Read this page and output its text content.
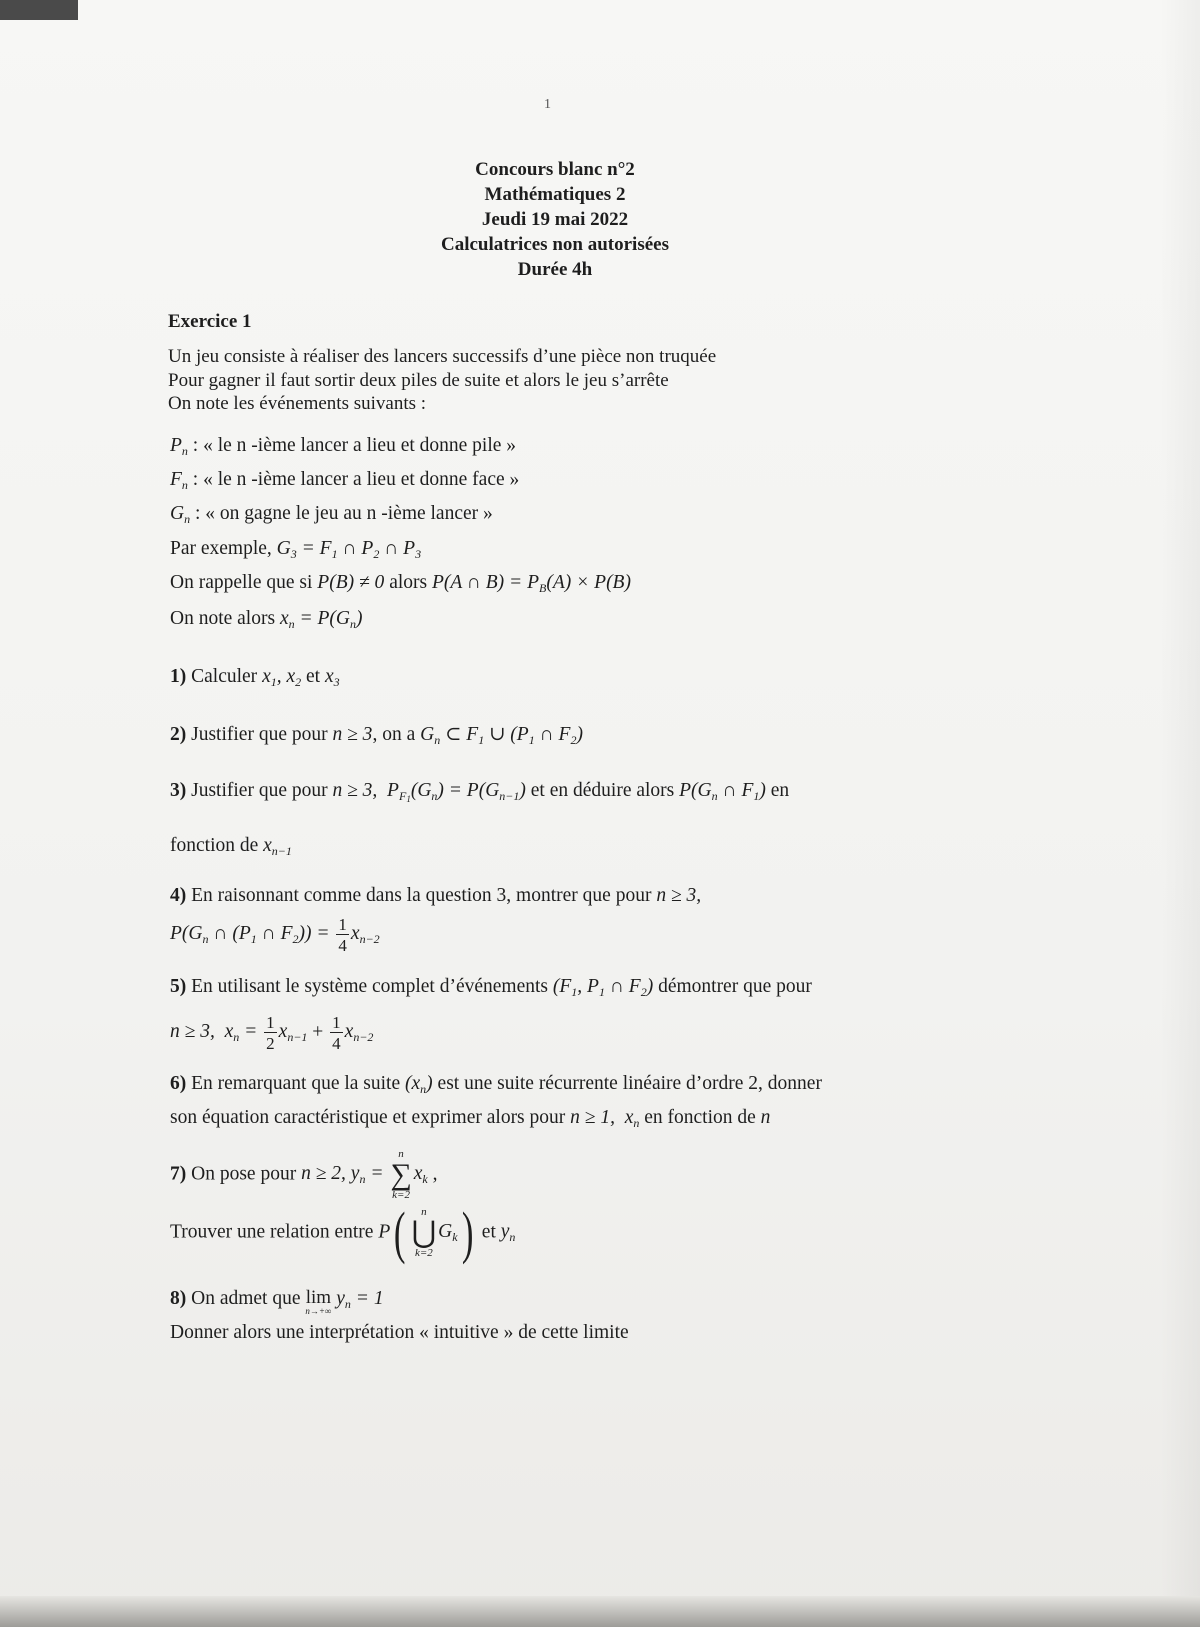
1
Concours blanc n°2
Mathématiques 2
Jeudi 19 mai 2022
Calculatrices non autorisées
Durée 4h
Exercice 1
Un jeu consiste à réaliser des lancers successifs d’une pièce non truquée
Pour gagner il faut sortir deux piles de suite et alors le jeu s’arrête
On note les événements suivants :
$P_n$ : « le n -ième lancer a lieu et donne pile »
$F_n$ : « le n -ième lancer a lieu et donne face »
$G_n$ : « on gagne le jeu au n -ième lancer »
Par exemple, $G_3 = F_1$ ∩ $P_2$ ∩ $P_3$
On rappelle que si P(B) ≠ 0 alors P(A ∩ $B) = P_B(A) \times P(B)$
On note alors $x_n = P(G_n)$
1) Calculer $x_1$, $x_2$ et $x_3$
2) Justifier que pour n ≥ 3, on a $G_n$ ⊂ $F_1$ ∪ ($P_1$ ∩ $F_2$)
3) Justifier que pour n ≥ 3,  $P_{F_1}(G_n) = P(G_{n-1})$ et en déduire alors $P(G_n$ ∩ $F_1$) en
fonction de $x_{n-1}$
4) En raisonnant comme dans la question 3, montrer que pour n ≥ 3,
$P(G_n$ ∩ ($P_1$ ∩ $F_2)) = \frac{1}{4} x_{n-2}$
5) En utilisant le système complet d’événements ($F_1$, $P_1$ ∩ $F_2$) démontrer que pour
n ≥ 3,  $x_n = \frac{1}{2} x_{n-1} + \frac{1}{4} x_{n-2}$
6) En remarquant que la suite $(x_n)$ est une suite récurrente linéaire d’ordre 2, donner
son équation caractéristique et exprimer alors pour n ≥ 1,  $x_n$ en fonction de n
7) On pose pour n ≥ 2, $y_n$ =
n
∑
k=2
$x_k$ ,
Trouver une relation entre P(	n
⋃
k=2
$G_k$) et $y_n$
8) On admet que lim
n→+∞
$y_n = 1$
Donner alors une interprétation « intuitive » de cette limite
